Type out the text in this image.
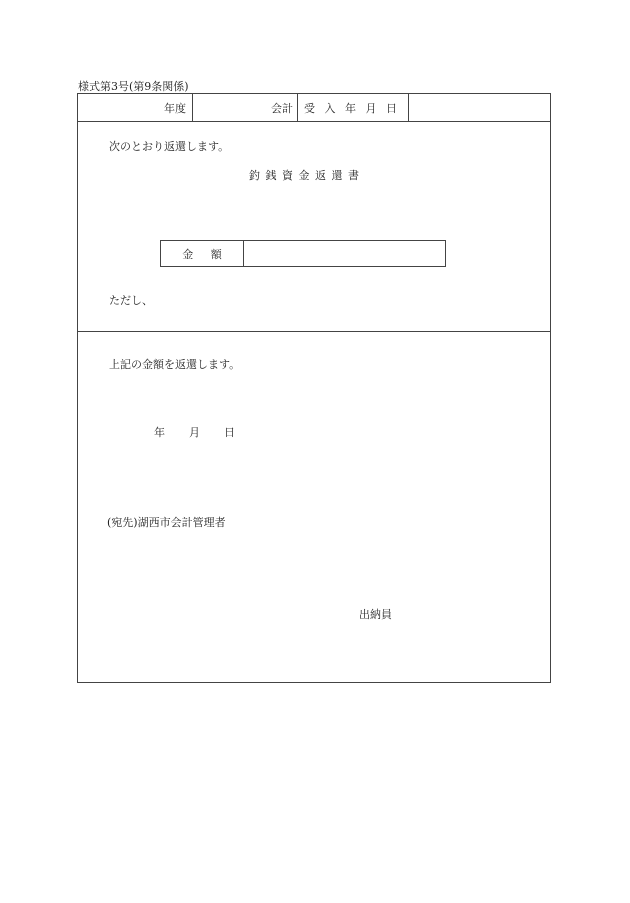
様式第3号(第9条関係)
年度	会計	受 入 年 月 日
次のとおり返還します。
釣 銭 資 金 返 還 書
金 額
ただし、
上記の金額を返還します。
年 月 日
(宛先)湖西市会計管理者
出納員
